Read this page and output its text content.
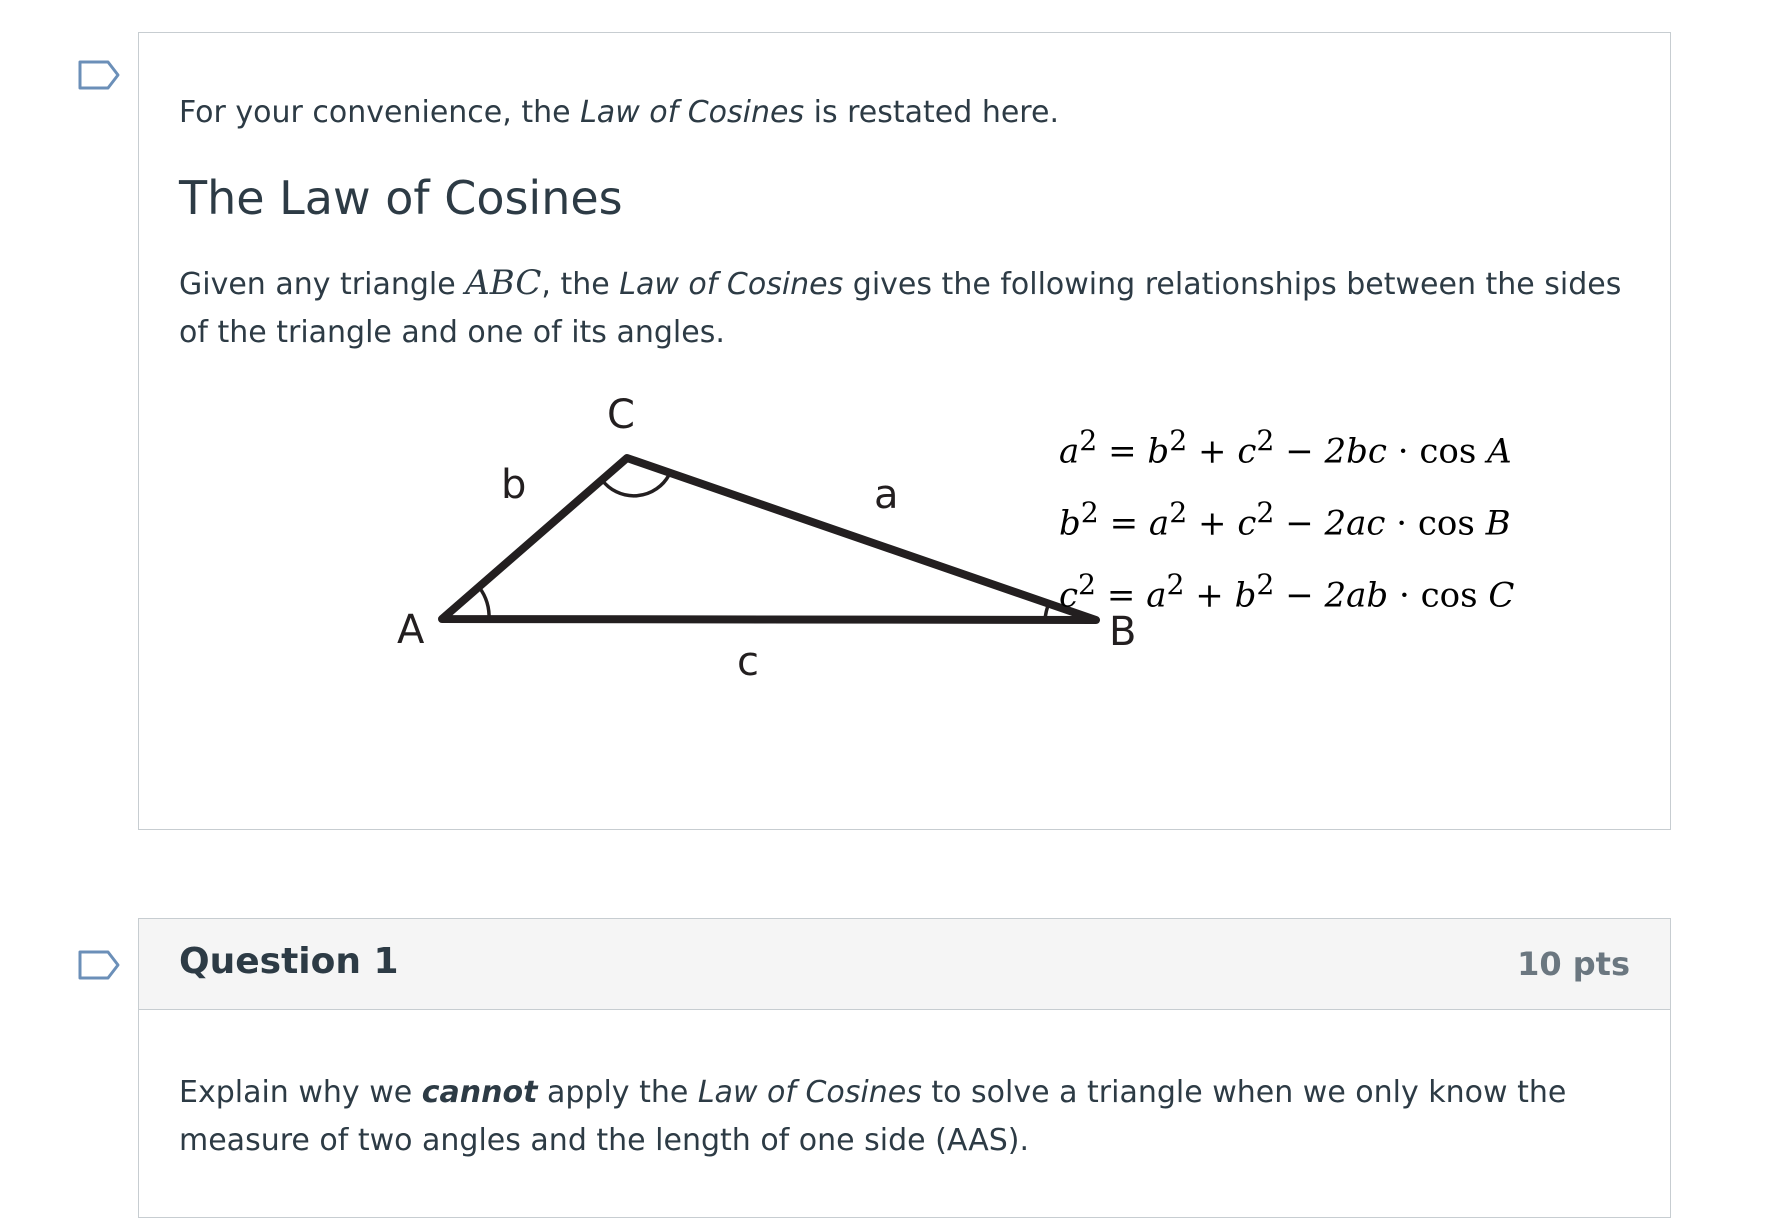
For your convenience, the Law of Cosines is restated here.

The Law of Cosines

Given any triangle ABC, the Law of Cosines gives the following relationships between the sides of the triangle and one of its angles.

A	B
C
a
b
c
$a^2 = b^2 + c^2 - 2bc \cdot \cos A$
$b^2 = a^2 + c^2 - 2ac \cdot \cos B$
$c^2 = a^2 + b^2 - 2ab \cdot \cos C$
Question 1	10 pts

Explain why we cannot apply the Law of Cosines to solve a triangle when we only know the measure of two angles and the length of one side (AAS).
